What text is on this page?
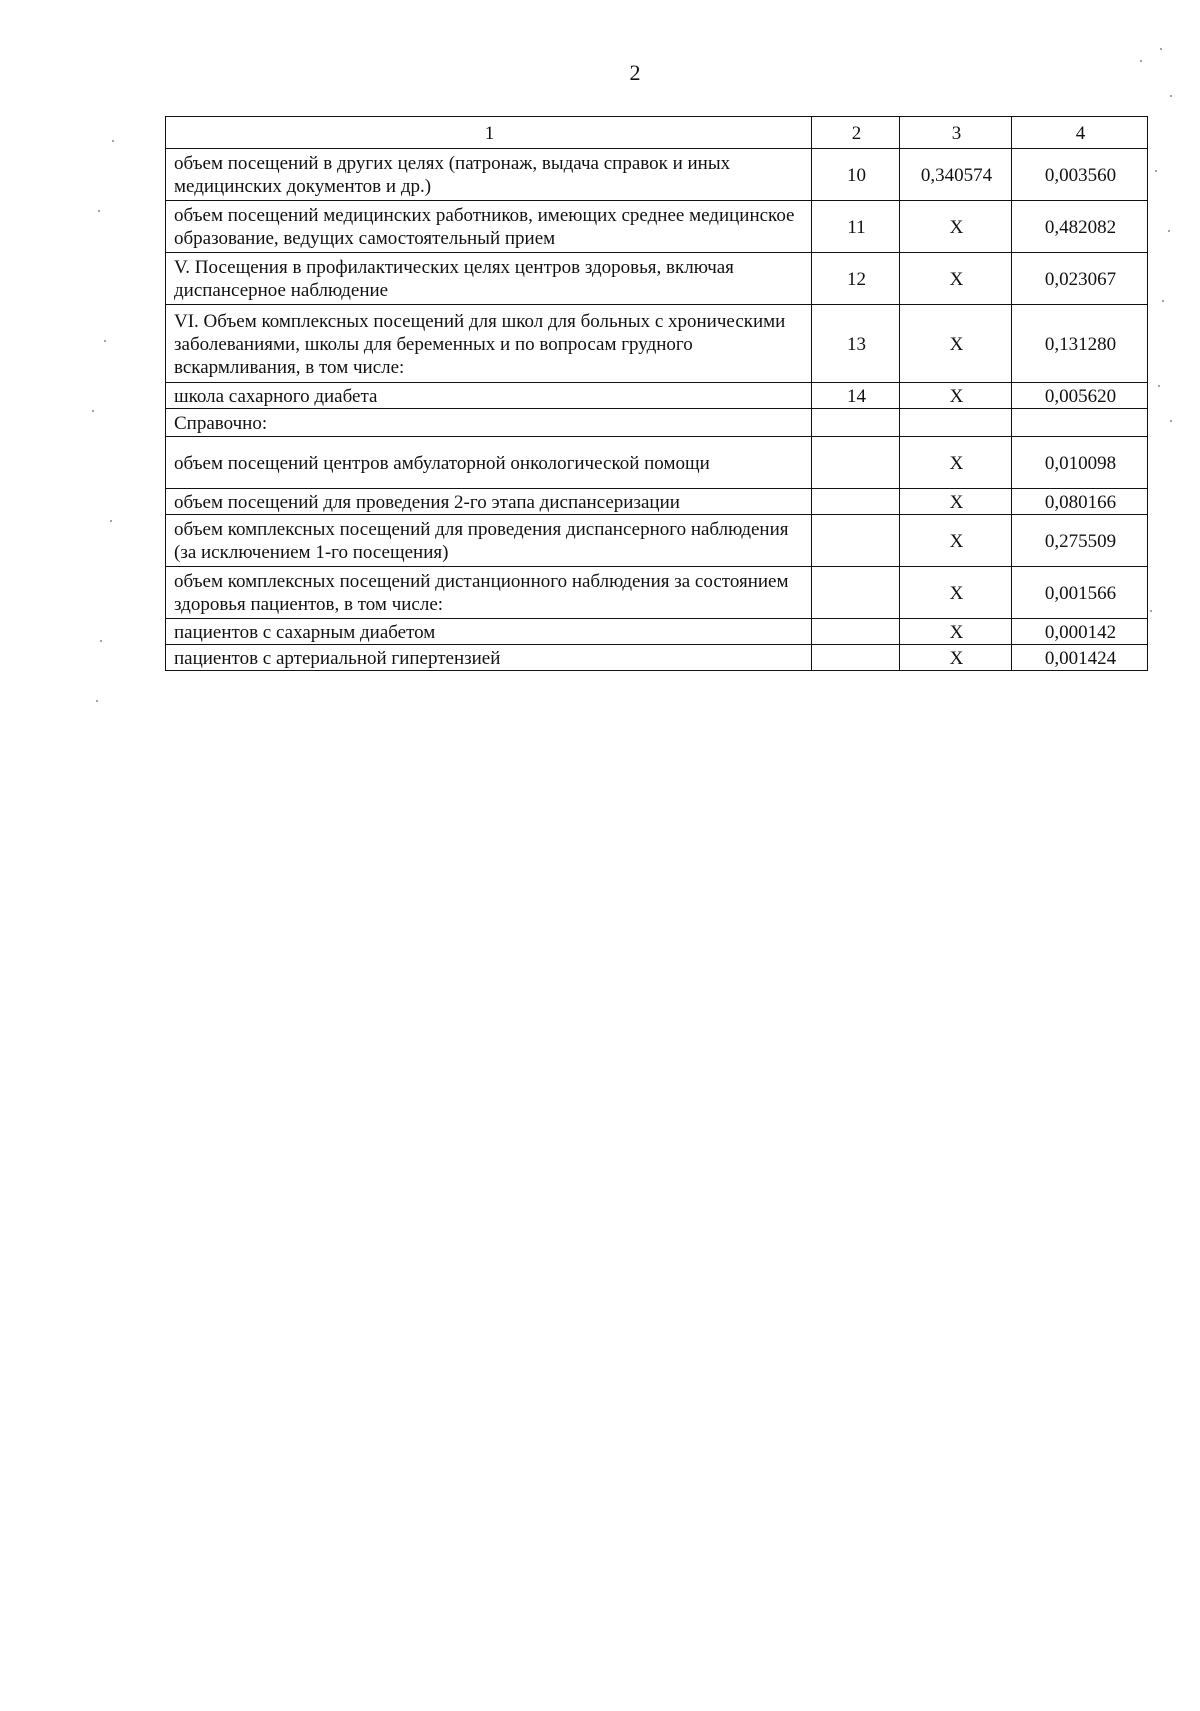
2
1	2	3	4
объем посещений в других целях (патронаж, выдача справок и иных медицинских документов и др.)	10	0,340574	0,003560
объем посещений медицинских работников, имеющих среднее медицинское образование, ведущих самостоятельный прием	11	Х	0,482082
V. Посещения в профилактических целях центров здоровья, включая диспансерное наблюдение	12	Х	0,023067
VI. Объем комплексных посещений для школ для больных с хроническими заболеваниями, школы для беременных и по вопросам грудного вскармливания, в том числе:	13	Х	0,131280
школа сахарного диабета	14	Х	0,005620
Справочно:			
объем посещений центров амбулаторной онкологической помощи		Х	0,010098
объем посещений для проведения 2-го этапа диспансеризации		Х	0,080166
объем комплексных посещений для проведения диспансерного наблюдения (за исключением 1-го посещения)		Х	0,275509
объем комплексных посещений дистанционного наблюдения за состоянием здоровья пациентов, в том числе:		Х	0,001566
пациентов с сахарным диабетом		Х	0,000142
пациентов с артериальной гипертензией		Х	0,001424
